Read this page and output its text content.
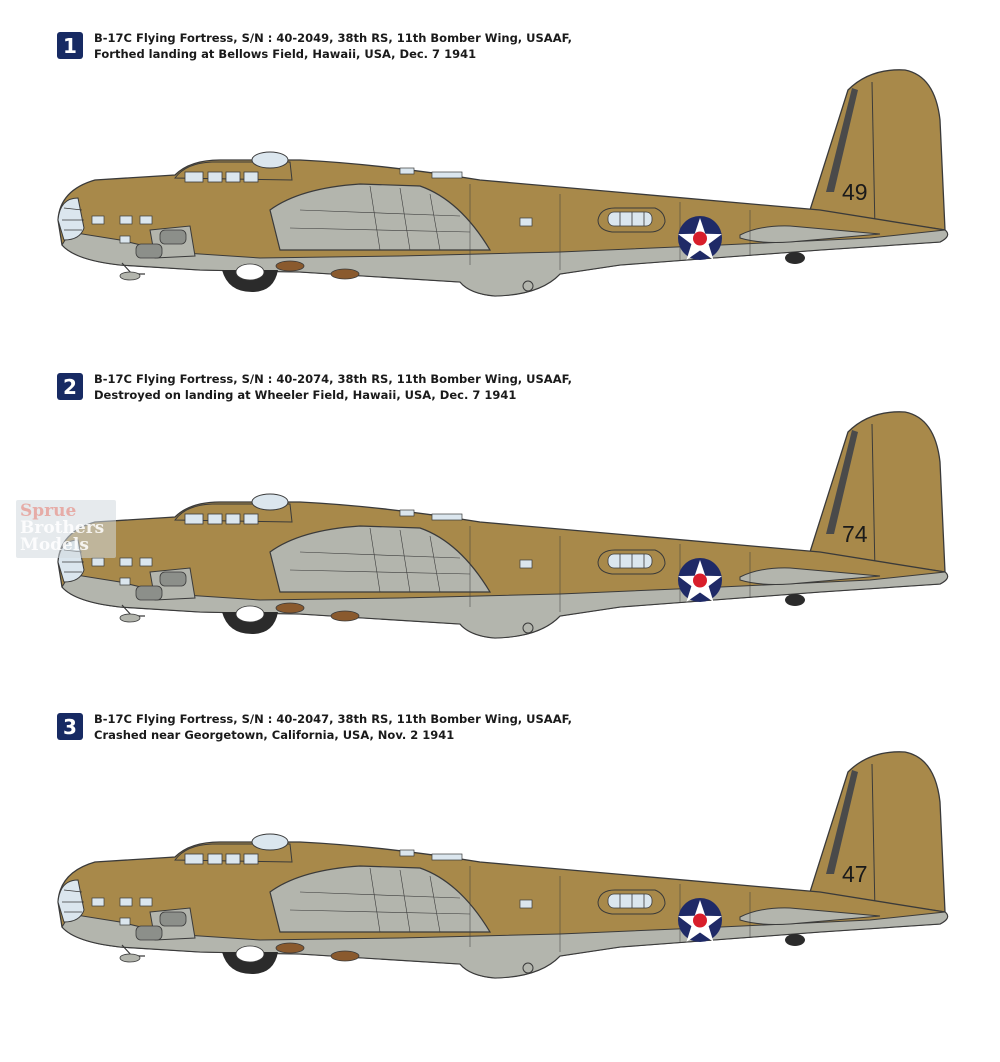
1	B-17C Flying Fortress, S/N : 40-2049, 38th RS, 11th Bomber Wing, USAAF,
Forthed landing at Bellows Field, Hawaii, USA, Dec. 7 1941
49
2	B-17C Flying Fortress, S/N : 40-2074, 38th RS, 11th Bomber Wing, USAAF,
Destroyed on landing at Wheeler Field, Hawaii, USA, Dec. 7 1941
74
3	B-17C Flying Fortress, S/N : 40-2047, 38th RS, 11th Bomber Wing, USAAF,
Crashed near Georgetown, California, USA, Nov. 2 1941
47
Sprue
Brothers
Models
